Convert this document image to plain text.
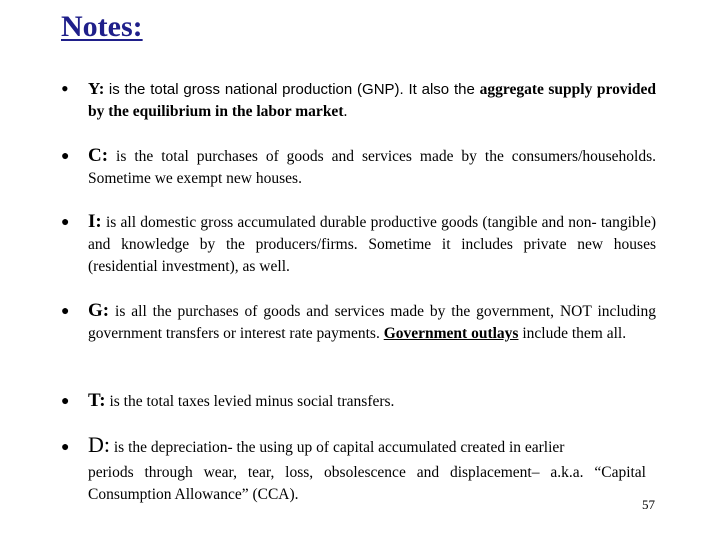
Notes:
•	Y: is the total gross national production (GNP). It also the aggregate supply provided by the equilibrium in the labor market.
● C: is the total purchases of goods and services made by the consumers/households. Sometime we exempt new houses.
● I: is all domestic gross accumulated durable productive goods (tangible and non- tangible) and knowledge by the producers/firms. Sometime it includes private new houses (residential investment), as well.
● G: is all the purchases of goods and services made by the government, NOT including government transfers or interest rate payments. Government outlays include them all.
● T: is the total taxes levied minus social transfers.
● D: is the depreciation- the using up of capital accumulated created in earlier
periods through wear, tear, loss, obsolescence and displacement– a.k.a. “Capital Consumption Allowance” (CCA).
57
